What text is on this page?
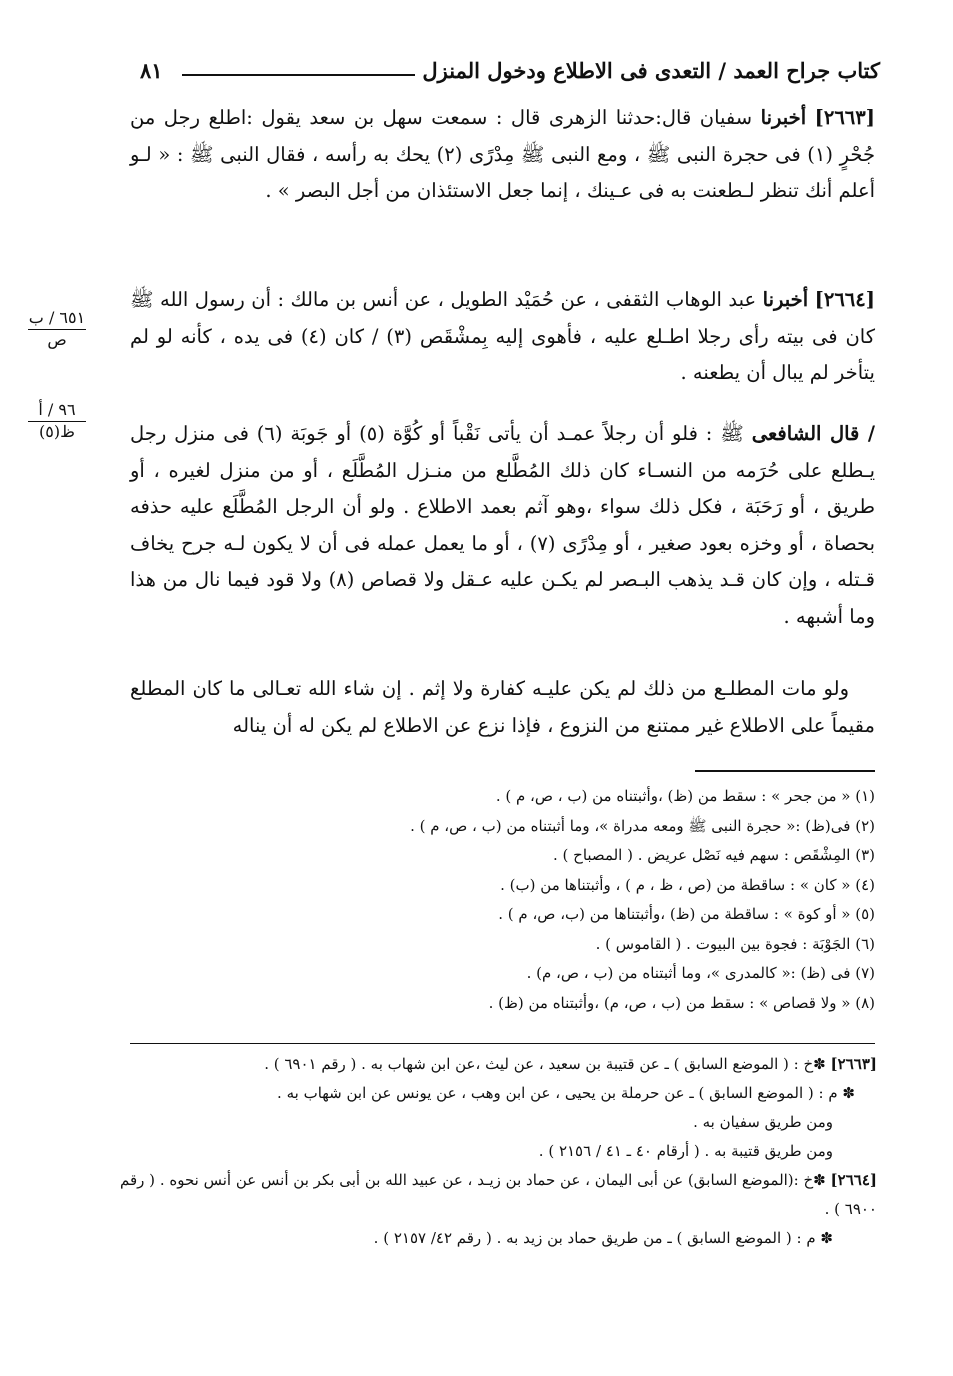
كتاب جراح العمد / التعدى فى الاطلاع ودخول المنزل
٨١
٦٥١ / ب
ص
٩٦ / أ
ظ(٥)

[٢٦٦٣] أخبرنا سفيان قال:حدثنا الزهرى قال : سمعت سهل بن سعد يقول :اطلع رجل من جُحْرٍ (١) فى حجرة النبى ﷺ ، ومع النبى ﷺ مِدْرًى (٢) يحك به رأسه ، فقال النبى ﷺ : « لـو أعلم أنك تنظر لـطعنت به فى عـينك ، إنما جعل الاستئذان من أجل البصر » .

[٢٦٦٤] أخبرنا عبد الوهاب الثقفى ، عن حُمَيْد الطويل ، عن أنس بن مالك : أن رسول الله ﷺ كان فى بيته رأى رجلا اطـلع عليه ، فأهوى إليه بِمشْقَص (٣) / كان (٤) فى يده ، كأنه لو لم يتأخر لم يبال أن يطعنه .

/ قال الشافعى ﷺ : فلو أن رجلاً عمـد أن يأتى نَقْباً أو كُوَّة (٥) أو جَوبَة (٦) فى منزل رجل يـطلع على حُرَمه من النسـاء كان ذلك المُطَّلع من منـزل المُطَّلَع ، أو من منزل لغيره ، أو طريق ، أو رَحَبَة ، فكل ذلك سواء ،وهو آثم بعمد الاطلاع . ولو أن الرجل المُطَّلَع عليه حذفه بحصاة ، أو وخزه بعود صغير ، أو مِدْرًى (٧) ، أو ما يعمل عمله فى أن لا يكون لـه جرح يخاف قـتله ، وإن كان قـد يذهب البـصر لم يكـن عليه عـقل ولا قصاص (٨) ولا قود فيما نال من هذا وما أشبهه .

ولو مات المطلـع من ذلك لم يكن عليـه كفارة ولا إثم . إن شاء الله تعـالى ما كان المطلع مقيماً على الاطلاع غير ممتنع من النزوع ، فإذا نزع عن الاطلاع لم يكن له أن يناله

(١) « من جحر » : سقط من (ظ) ،وأثبتناه من (ب ، ص، م ) .
(٢) فى(ظ) :« حجرة النبى ﷺ ومعه مدراة »، وما أثبتناه من (ب ، ص، م ) .
(٣) المِشْقَص : سهم فيه نَصْل عريض . ( المصباح ) .
(٤) « كان » : ساقطة من (ص ، ظ ، م ) ، وأثبتناها من (ب) .
(٥) « أو كوة » : ساقطة من (ظ) ،وأثبتناها من (ب، ص، م ) .
(٦) الجَوْبَة : فجوة بين البيوت . ( القاموس ) .
(٧) فى (ظ) :« كالمدرى »، وما أثبتناه من (ب ، ص، م) .
(٨) « ولا قصاص » : سقط من (ب ، ص، م) ،وأثبتناه من (ظ) .

[٢٦٦٣] ✽خ : ( الموضع السابق ) ـ عن قتيبة بن سعيد ، عن ليث ،عن ابن شهاب به . ( رقم ٦٩٠١ ) .

✽ م : ( الموضع السابق ) ـ عن حرملة بن يحيى ، عن ابن وهب ، عن يونس عن ابن شهاب به .

ومن طريق سفيان به .

ومن طريق قتيبة به . ( أرقام ٤٠ ـ ٤١ / ٢١٥٦ ) .

[٢٦٦٤] ✽خ :(الموضع السابق) عن أبى اليمان ، عن حماد بن زيـد ، عن عبيد الله بن أبى بكر بن أنس عن أنس نحوه . ( رقم ٦٩٠٠ ) .

✽ م : ( الموضع السابق ) ـ من طريق حماد بن زيد به . ( رقم ٤٢/ ٢١٥٧ ) .
